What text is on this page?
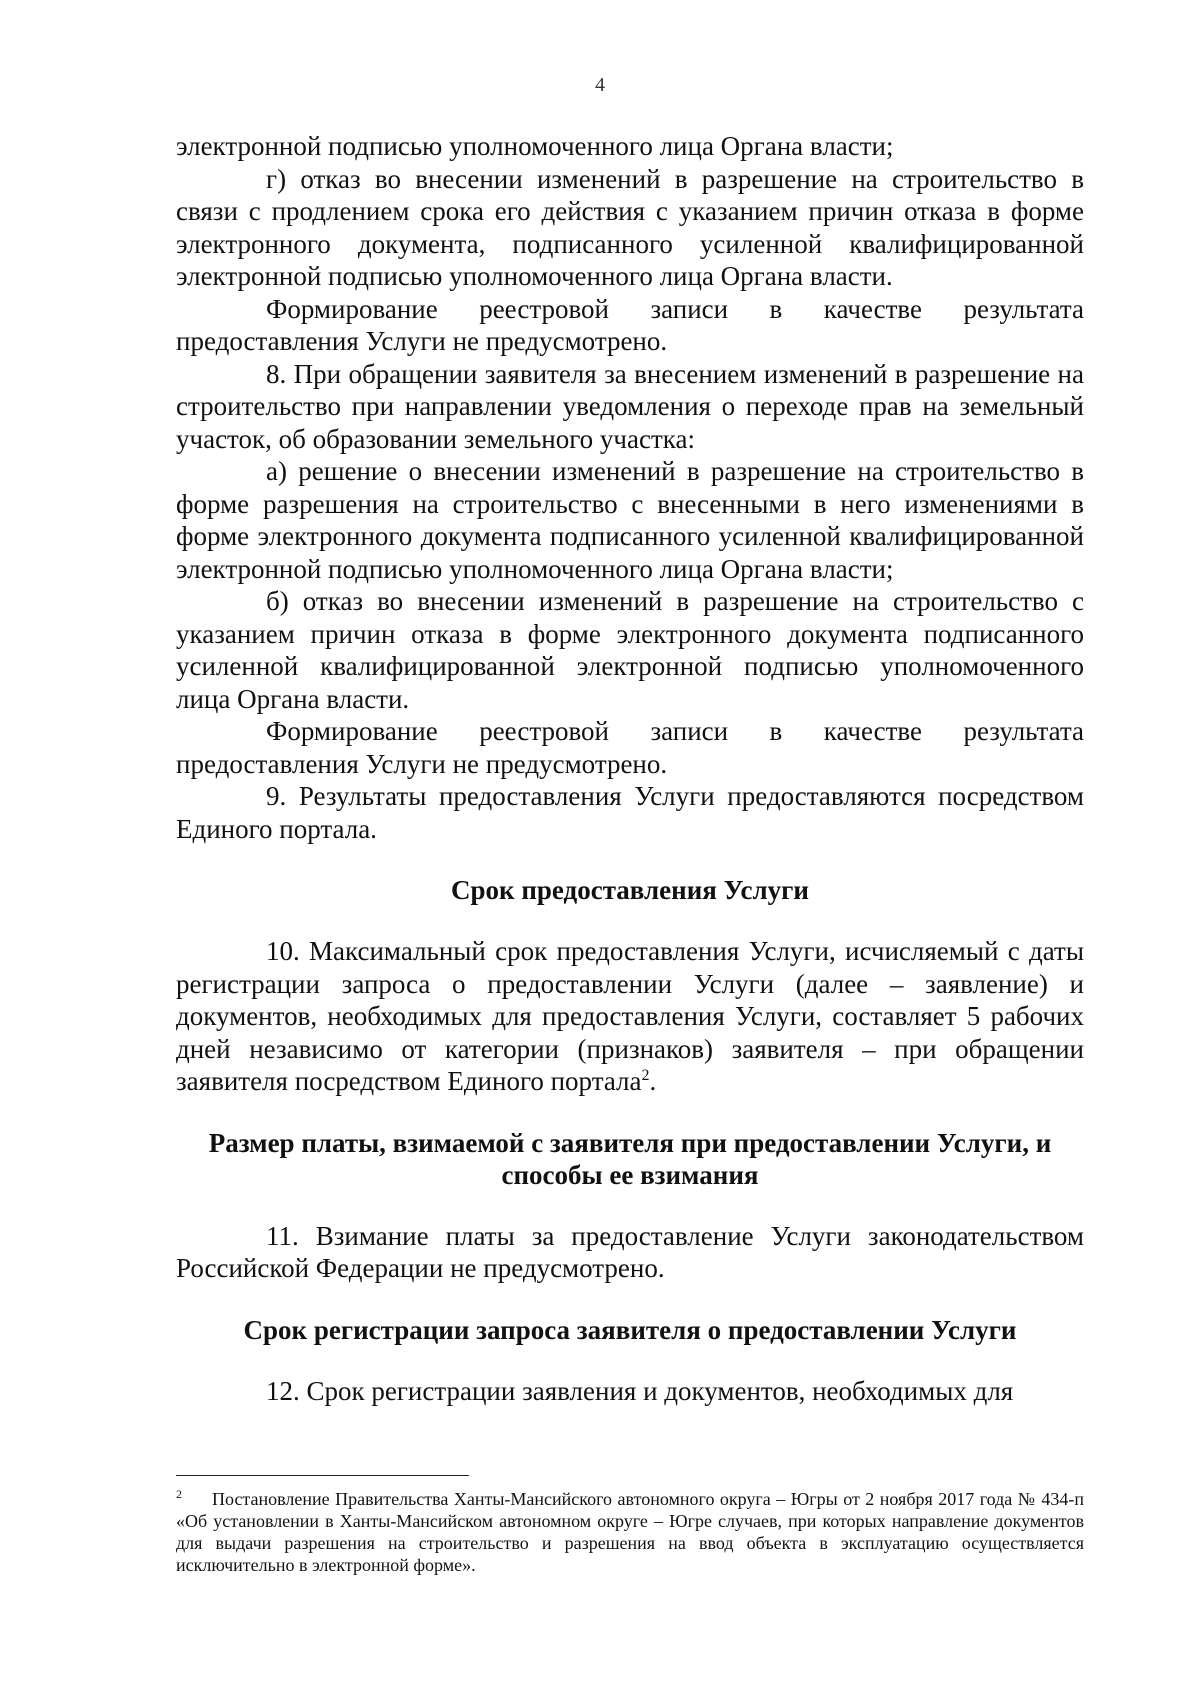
4

электронной подписью уполномоченного лица Органа власти;

г) отказ во внесении изменений в разрешение на строительство в связи с продлением срока его действия с указанием причин отказа в форме электронного документа, подписанного усиленной квалифицированной электронной подписью уполномоченного лица Органа власти.

Формирование реестровой записи в качестве результата предоставления Услуги не предусмотрено.

8. При обращении заявителя за внесением изменений в разрешение на строительство при направлении уведомления о переходе прав на земельный участок, об образовании земельного участка:

а) решение о внесении изменений в разрешение на строительство в форме разрешения на строительство с внесенными в него изменениями в форме электронного документа подписанного усиленной квалифицированной электронной подписью уполномоченного лица Органа власти;

б) отказ во внесении изменений в разрешение на строительство с указанием причин отказа в форме электронного документа подписанного усиленной квалифицированной электронной подписью уполномоченного лица Органа власти.

Формирование реестровой записи в качестве результата предоставления Услуги не предусмотрено.

9. Результаты предоставления Услуги предоставляются посредством Единого портала.

Срок предоставления Услуги

10. Максимальный срок предоставления Услуги, исчисляемый с даты регистрации запроса о предоставлении Услуги (далее – заявление) и документов, необходимых для предоставления Услуги, составляет 5 рабочих дней независимо от категории (признаков) заявителя – при обращении заявителя посредством Единого портала$^2$.

Размер платы, взимаемой с заявителя при предоставлении Услуги, и
способы ее взимания

11. Взимание платы за предоставление Услуги законодательством Российской Федерации не предусмотрено.

Срок регистрации запроса заявителя о предоставлении Услуги

12. Срок регистрации заявления и документов, необходимых для

$^2$ Постановление Правительства Ханты-Мансийского автономного округа – Югры от 2 ноября 2017 года № 434-п «Об установлении в Ханты-Мансийском автономном округе – Югре случаев, при которых направление документов для выдачи разрешения на строительство и разрешения на ввод объекта в эксплуатацию осуществляется исключительно в электронной форме».
